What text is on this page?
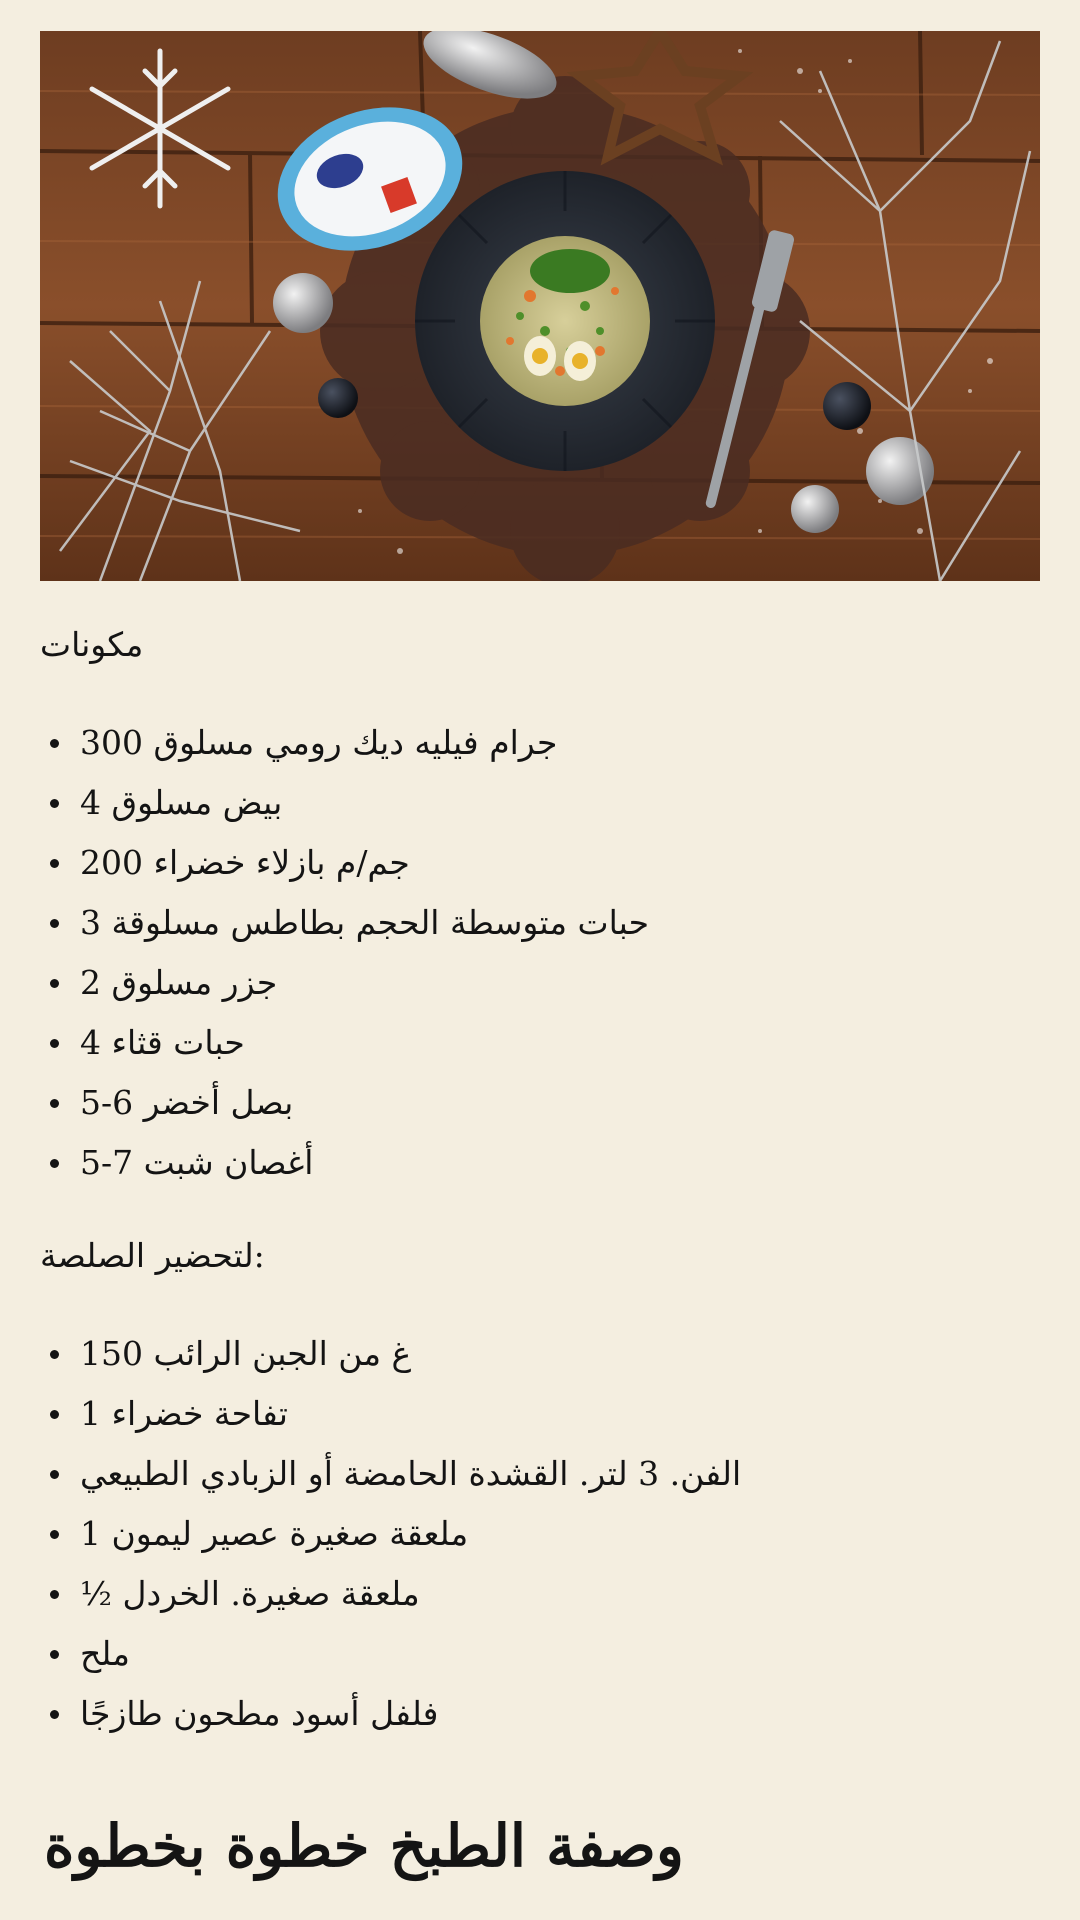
مكونات

300 جرام فيليه ديك رومي مسلوق
4 بيض مسلوق
200 جم/م بازلاء خضراء
3 حبات متوسطة الحجم بطاطس مسلوقة
2 جزر مسلوق
4 حبات قثاء
5-6 بصل أخضر
5-7 أغصان شبت

لتحضير الصلصة:

150 غ من الجبن الرائب
1 تفاحة خضراء
الفن. 3 لتر. القشدة الحامضة أو الزبادي الطبيعي
1 ملعقة صغيرة عصير ليمون
½ ملعقة صغيرة. الخردل
ملح
فلفل أسود مطحون طازجًا
وصفة الطبخ خطوة بخطوة
